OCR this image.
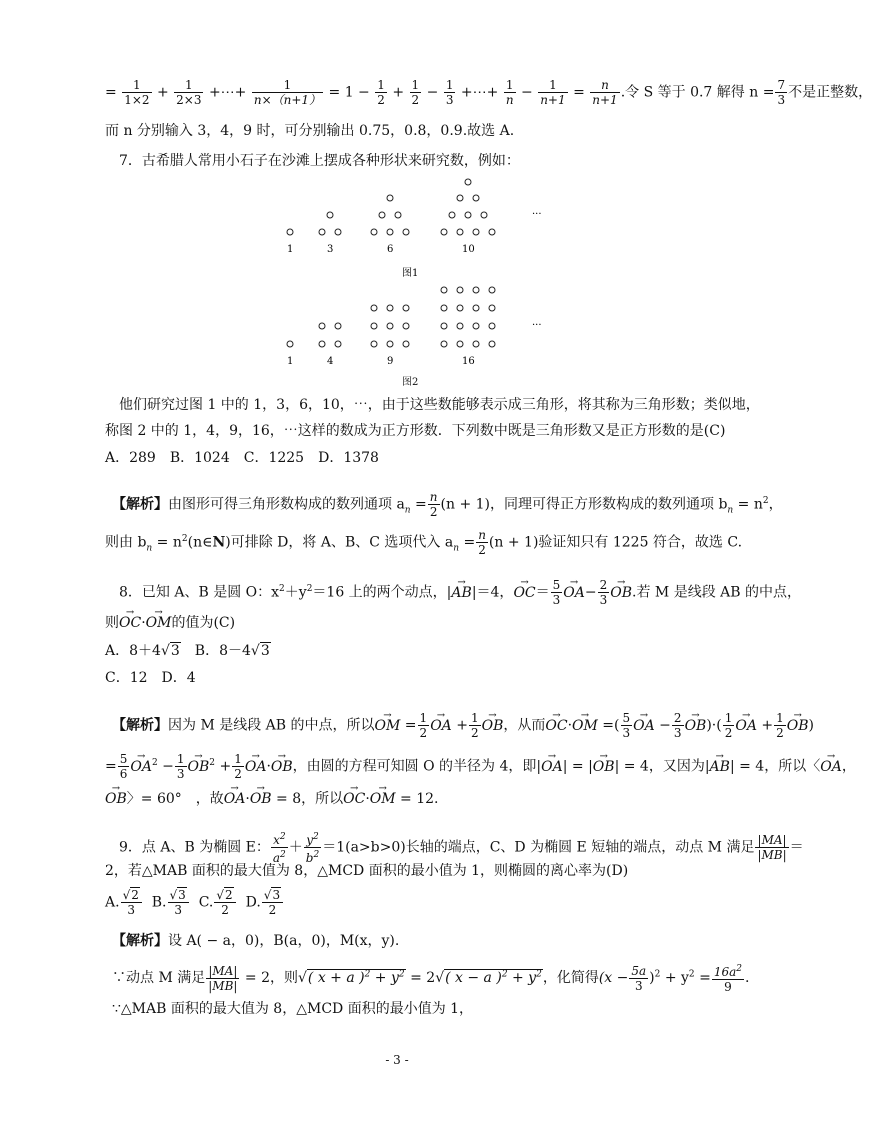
= $\frac{1}{1\times 2} + \frac{1}{2\times 3}$ +⋯+ $\frac{1}{n\times(n+1)} = 1 - \frac{1}{2} + \frac{1}{2} - \frac{1}{3}$ +⋯+ $\frac{1}{n} - \frac{1}{n+1} = \frac{n}{n+1}$ .令 S 等于 0.7 解得 $n = \frac{7}{3}$ 不是正整数，
而 n 分别输入 3，4，9 时，可分别输出 0.75，0.8，0.9.故选 A.
7．古希腊人常用小石子在沙滩上摆成各种形状来研究数，例如：
···
1	3	6	10
图1
···
1	4	9	16
图2
他们研究过图 1 中的 1，3，6，10，⋯，由于这些数能够表示成三角形，将其称为三角形数；类似地，
称图 2 中的 1，4，9，16，⋯这样的数成为正方形数．下列数中既是三角形数又是正方形数的是(C)
A．289　B．1024　C．1225　D．1378
【解析】由图形可得三角形数构成的数列通项 $a_n = \frac{n}{2} (n + 1)$，同理可得正方形数构成的数列通项 $b_n = n^2$，
则由 $b_n$ = $n^2(n\in N)$可排除 D，将 A、B、C 选项代入 $a_n = \frac{n}{2} (n + 1)$验证知只有 1225 符合，故选 C.
8．已知 A、B 是圆 O：$x^2+y^2=16$ 上的两个动点，|→ AB|＝4，→ $OC= \frac{5}{3}$
→ $OA- \frac{2}{3}$
→ OB.若 M 是线段 AB 的中点，
则→ OC·→ OM的值为(C)
A．8＋4√3　B．8－4√3
C．12　D．4
【解析】因为 M 是线段 AB 的中点，所以→ OM = $\frac{1}{2}$
→ OA + $\frac{1}{2}$
→ OB，从而→ OC·→ OM =( $\frac{5}{3}$
→ OA − $\frac{2}{3}$
→ $OB)\cdot( \frac{1}{2}$
→ OA + $\frac{1}{2}$
→ OB)
= $\frac{5}{6}$
→ $OA^2 - \frac{1}{3}$
→ $OB^2 + \frac{1}{2}$
→ OA·→ OB，由圆的方程可知圆 O 的半径为 4，即|→ OA| = |→ OB| = 4，又因为|→ AB| = 4，所以〈→ OA，
→ OB〉= 60°　，故→ OA·→ OB = 8，所以→ OC·→ OM = 12.
9．点 A、B 为椭圆 E： $\frac{x^2}{a^2} + \frac{y^2}{b^2} =1(a>b>0)$长轴的端点，C、D 为椭圆 E 短轴的端点，动点 M 满足 $\frac{|MA|}{|MB|}$ ＝
2，若△MAB 面积的最大值为 8，△MCD 面积的最小值为 1，则椭圆的离心率为(D)
A. $\frac{√2}{3} B$. $\frac{√3}{3} C$. $\frac{√2}{2} D$. $\frac{√3}{2}$
【解析】设 A( − a，0)，B(a，0)，M(x，y).
∵动点 M 满足 $\frac{|MA|}{|MB|} = 2$，则√( x + a )$^2 + y^2 = 2√$( x − a )$^2 + y^2$，化简得$(x - \frac{5a}{3} )^2 + y^2 = \frac{16a^2}{9}$ .
∵△MAB 面积的最大值为 8，△MCD 面积的最小值为 1，
- 3 -
